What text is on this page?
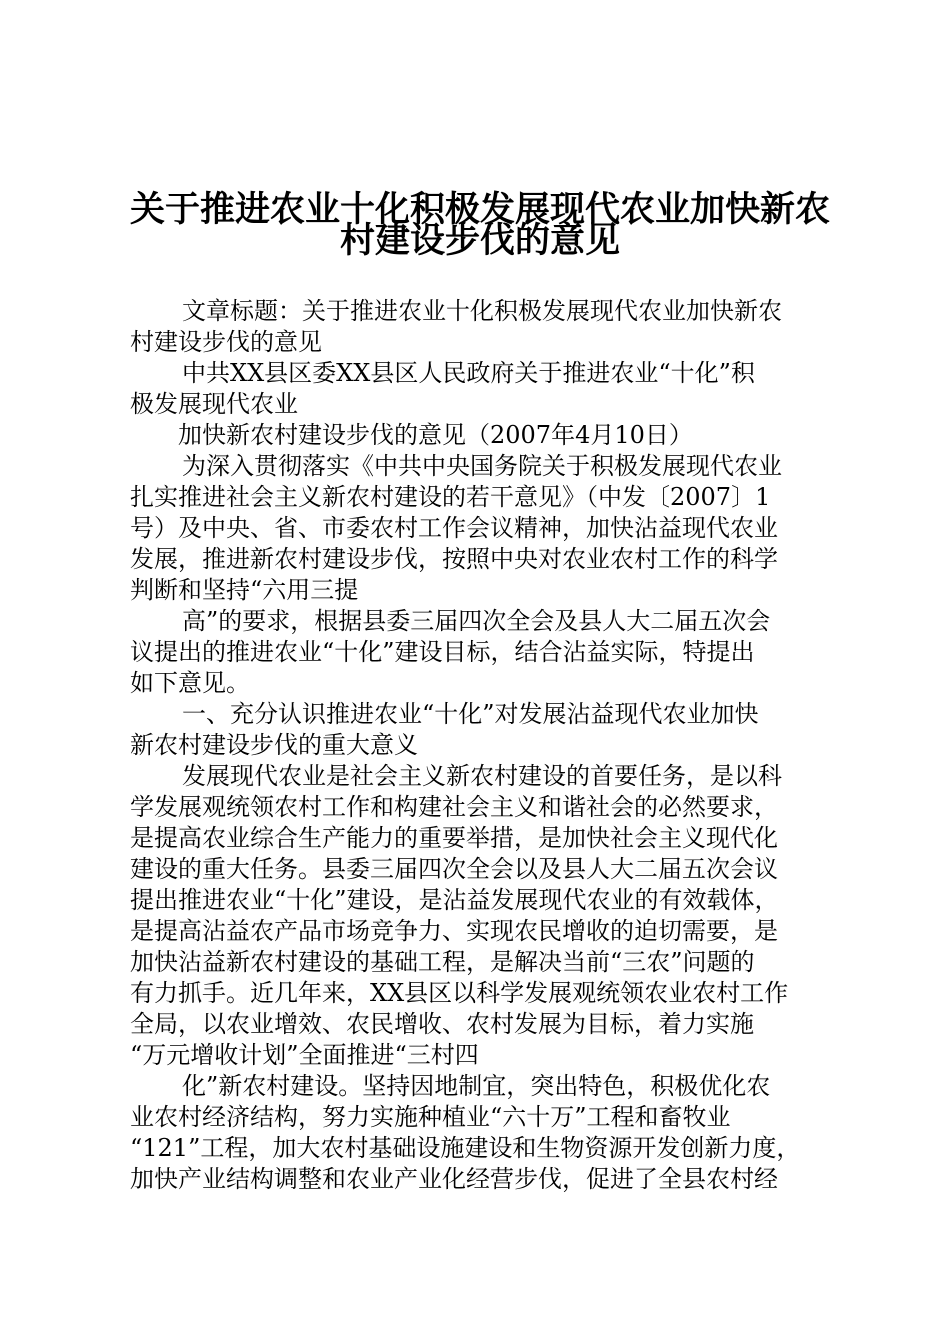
关于推进农业十化积极发展现代农业加快新农
村建设步伐的意见
文章标题：关于推进农业十化积极发展现代农业加快新农
村建设步伐的意见
中共XX县区委XX县区人民政府关于推进农业“十化”积
极发展现代农业
加快新农村建设步伐的意见（2007年4月10日）
为深入贯彻落实《中共中央国务院关于积极发展现代农业
扎实推进社会主义新农村建设的若干意见》（中发〔2007〕1
号）及中央、省、市委农村工作会议精神，加快沾益现代农业
发展，推进新农村建设步伐，按照中央对农业农村工作的科学
判断和坚持“六用三提
高”的要求，根据县委三届四次全会及县人大二届五次会
议提出的推进农业“十化”建设目标，结合沾益实际，特提出
如下意见。
一、充分认识推进农业“十化”对发展沾益现代农业加快
新农村建设步伐的重大意义
发展现代农业是社会主义新农村建设的首要任务，是以科
学发展观统领农村工作和构建社会主义和谐社会的必然要求，
是提高农业综合生产能力的重要举措，是加快社会主义现代化
建设的重大任务。县委三届四次全会以及县人大二届五次会议
提出推进农业“十化”建设，是沾益发展现代农业的有效载体，
是提高沾益农产品市场竞争力、实现农民增收的迫切需要，是
加快沾益新农村建设的基础工程，是解决当前“三农”问题的
有力抓手。近几年来，XX县区以科学发展观统领农业农村工作
全局，以农业增效、农民增收、农村发展为目标，着力实施
“万元增收计划”全面推进“三村四
化”新农村建设。坚持因地制宜，突出特色，积极优化农
业农村经济结构，努力实施种植业“六十万”工程和畜牧业
“121”工程，加大农村基础设施建设和生物资源开发创新力度，
加快产业结构调整和农业产业化经营步伐，促进了全县农村经
